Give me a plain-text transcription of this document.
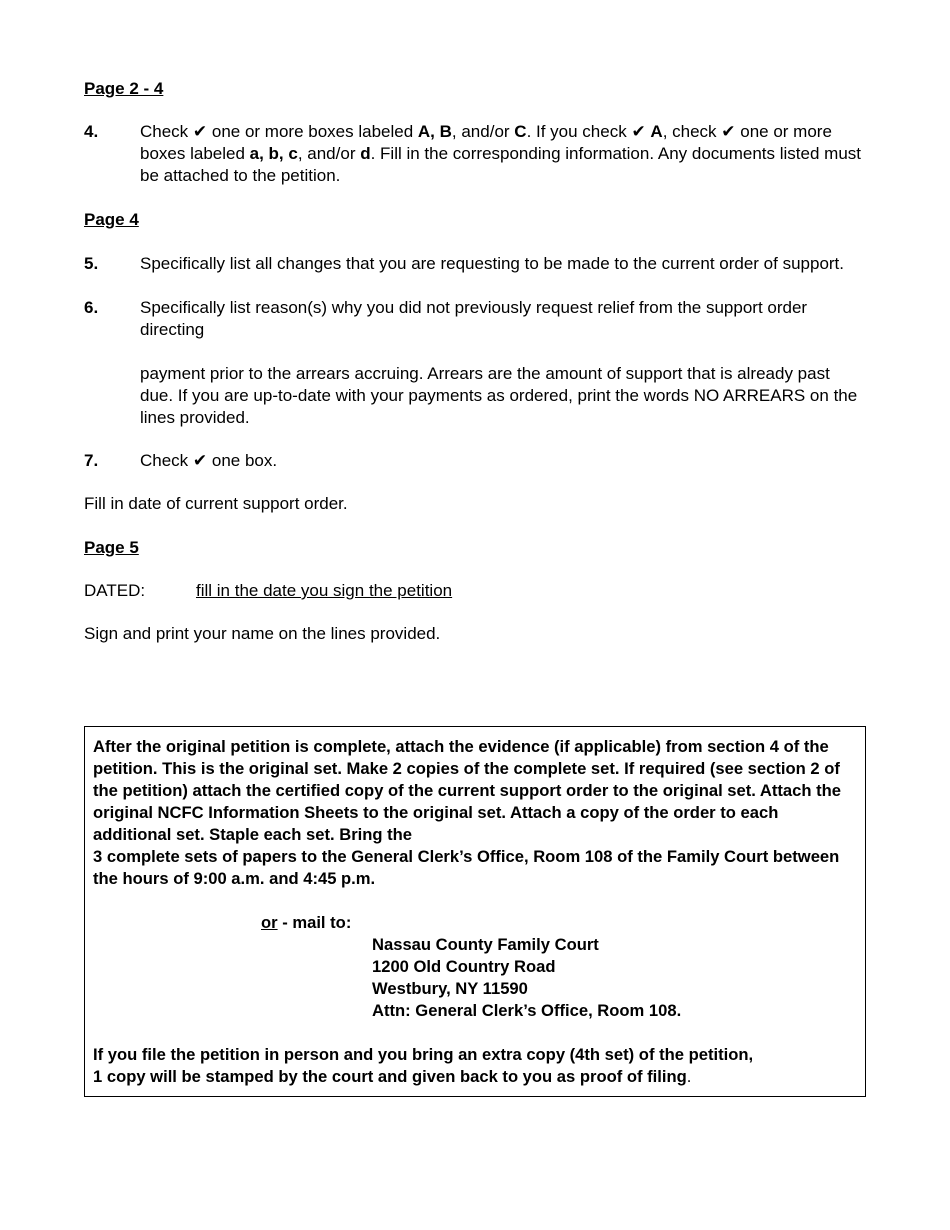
Page 2 - 4

4.	Check ✔ one or more boxes labeled A, B, and/or C. If you check ✔ A, check ✔ one or more boxes labeled a, b, c, and/or d. Fill in the corresponding information. Any documents listed must be attached to the petition.

Page 4

5.	Specifically list all changes that you are requesting to be made to the current order of support.
6.	Specifically list reason(s) why you did not previously request relief from the support order directing
payment prior to the arrears accruing. Arrears are the amount of support that is already past due. If you are up-to-date with your payments as ordered, print the words NO ARREARS on the lines provided.
7.	Check ✔ one box.

Fill in date of current support order.

Page 5

DATED:	fill in the date you sign the petition

Sign and print your name on the lines provided.

After the original petition is complete, attach the evidence (if applicable) from section 4 of the petition. This is the original set. Make 2 copies of the complete set. If required (see section 2 of the petition) attach the certified copy of the current support order to the original set. Attach the original NCFC Information Sheets to the original set. Attach a copy of the order to each additional set. Staple each set. Bring the

3 complete sets of papers to the General Clerk’s Office, Room 108 of the Family Court between the hours of 9:00 a.m. and 4:45 p.m.

or - mail to:

Nassau County Family Court

1200 Old Country Road

Westbury, NY 11590

Attn: General Clerk’s Office, Room 108.

If you file the petition in person and you bring an extra copy (4th set) of the petition,

1 copy will be stamped by the court and given back to you as proof of filing.
